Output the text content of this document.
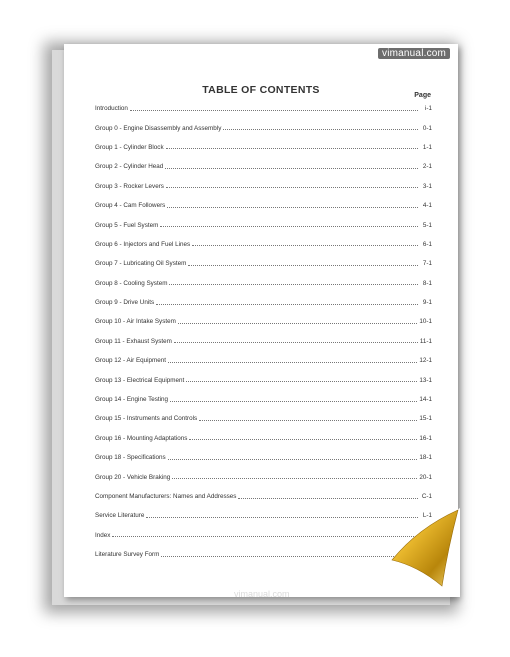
TABLE OF CONTENTS	Page
Introduction	i-1
Group 0 - Engine Disassembly and Assembly	0-1
Group 1 - Cylinder Block	1-1
Group 2 - Cylinder Head	2-1
Group 3 - Rocker Levers	3-1
Group 4 - Cam Followers	4-1
Group 5 - Fuel System	5-1
Group 6 - Injectors and Fuel Lines	6-1
Group 7 - Lubricating Oil System	7-1
Group 8 - Cooling System	8-1
Group 9 - Drive Units	9-1
Group 10 - Air Intake System	10-1
Group 11 - Exhaust System	11-1
Group 12 - Air Equipment	12-1
Group 13 - Electrical Equipment	13-1
Group 14 - Engine Testing	14-1
Group 15 - Instruments and Controls	15-1
Group 16 - Mounting Adaptations	16-1
Group 18 - Specifications	18-1
Group 20 - Vehicle Braking	20-1
Component Manufacturers: Names and Addresses	C-1
Service Literature	L-1
Index
Literature Survey Form
vimanual.com
vimanual.com
